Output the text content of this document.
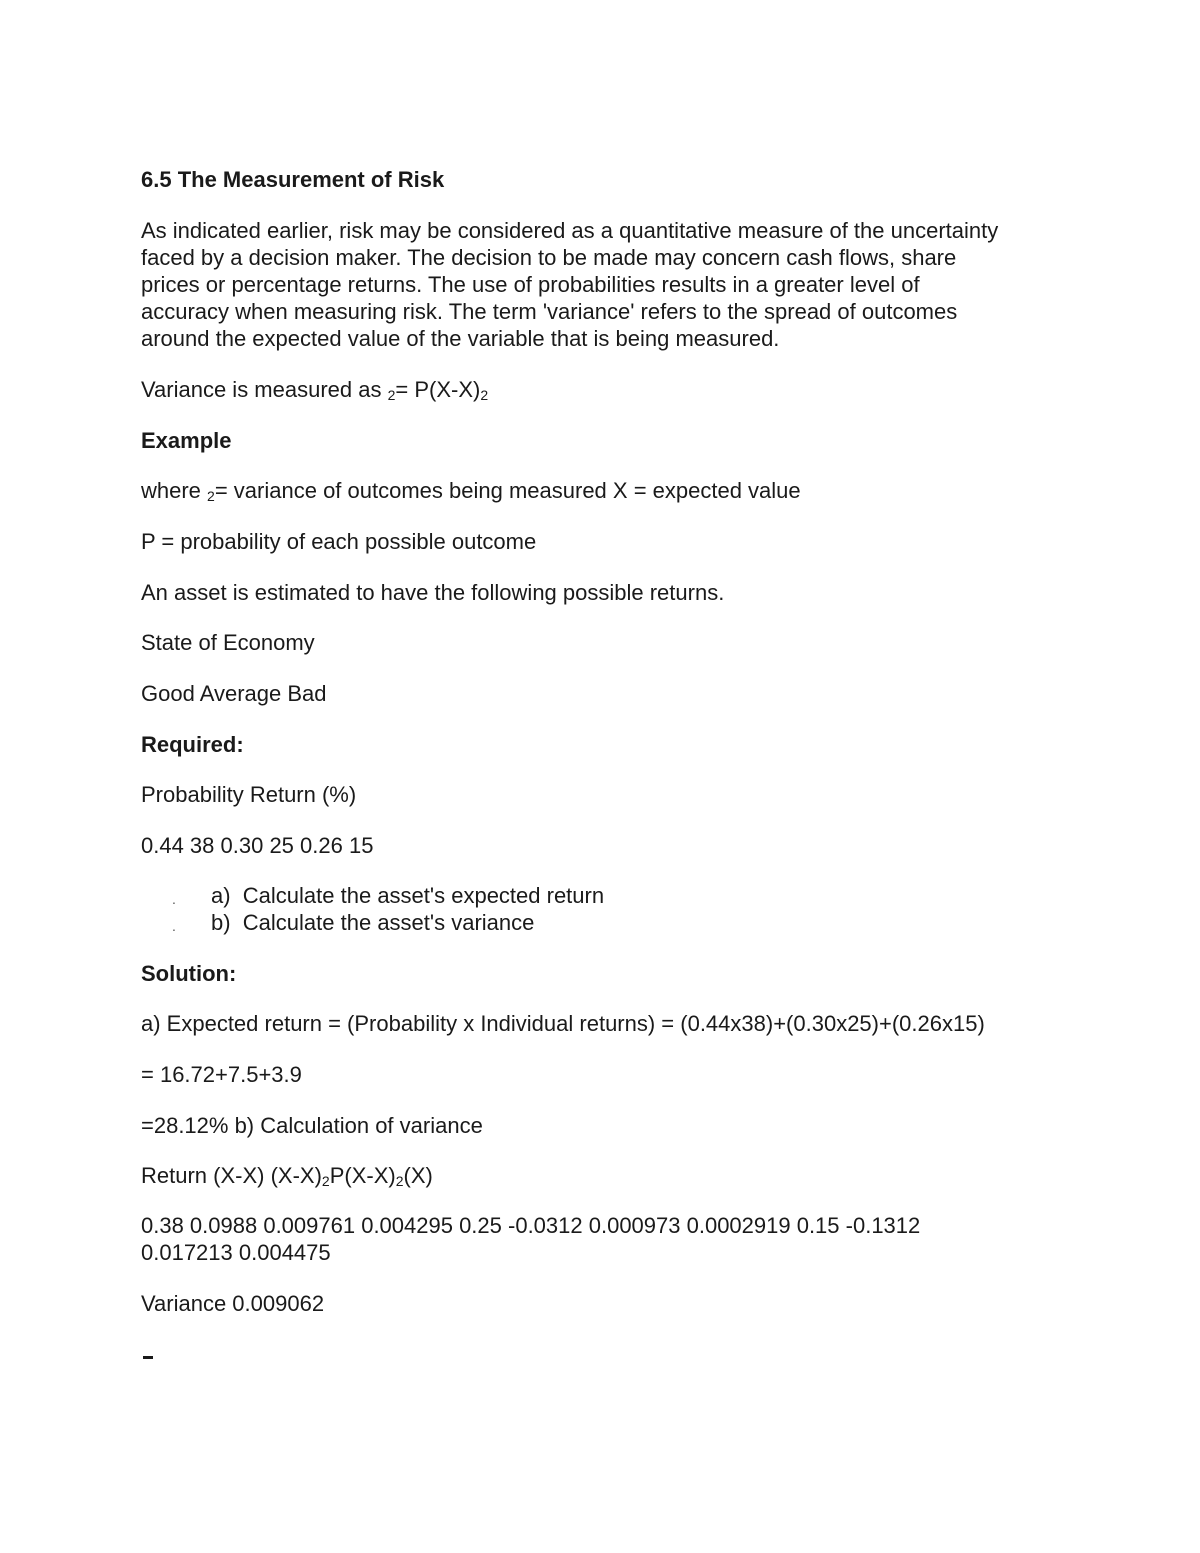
6.5 The Measurement of Risk
As indicated earlier, risk may be considered as a quantitative measure of the uncertainty
faced by a decision maker. The decision to be made may concern cash flows, share
prices or percentage returns. The use of probabilities results in a greater level of
accuracy when measuring risk. The term 'variance' refers to the spread of outcomes
around the expected value of the variable that is being measured.
Variance is measured as 2= P(X-X)2
Example
where 2= variance of outcomes being measured X = expected value
P = probability of each possible outcome
An asset is estimated to have the following possible returns.
State of Economy
Good Average Bad
Required:
Probability Return (%)
0.44 38 0.30 25 0.26 15
. a) Calculate the asset's expected return
. b) Calculate the asset's variance
Solution:
a) Expected return = (Probability x Individual returns) = (0.44x38)+(0.30x25)+(0.26x15)
= 16.72+7.5+3.9
=28.12% b) Calculation of variance
Return (X-X) (X-X)2P(X-X)2(X)
0.38 0.0988 0.009761 0.004295 0.25 -0.0312 0.000973 0.0002919 0.15 -0.1312
0.017213 0.004475
Variance 0.009062
